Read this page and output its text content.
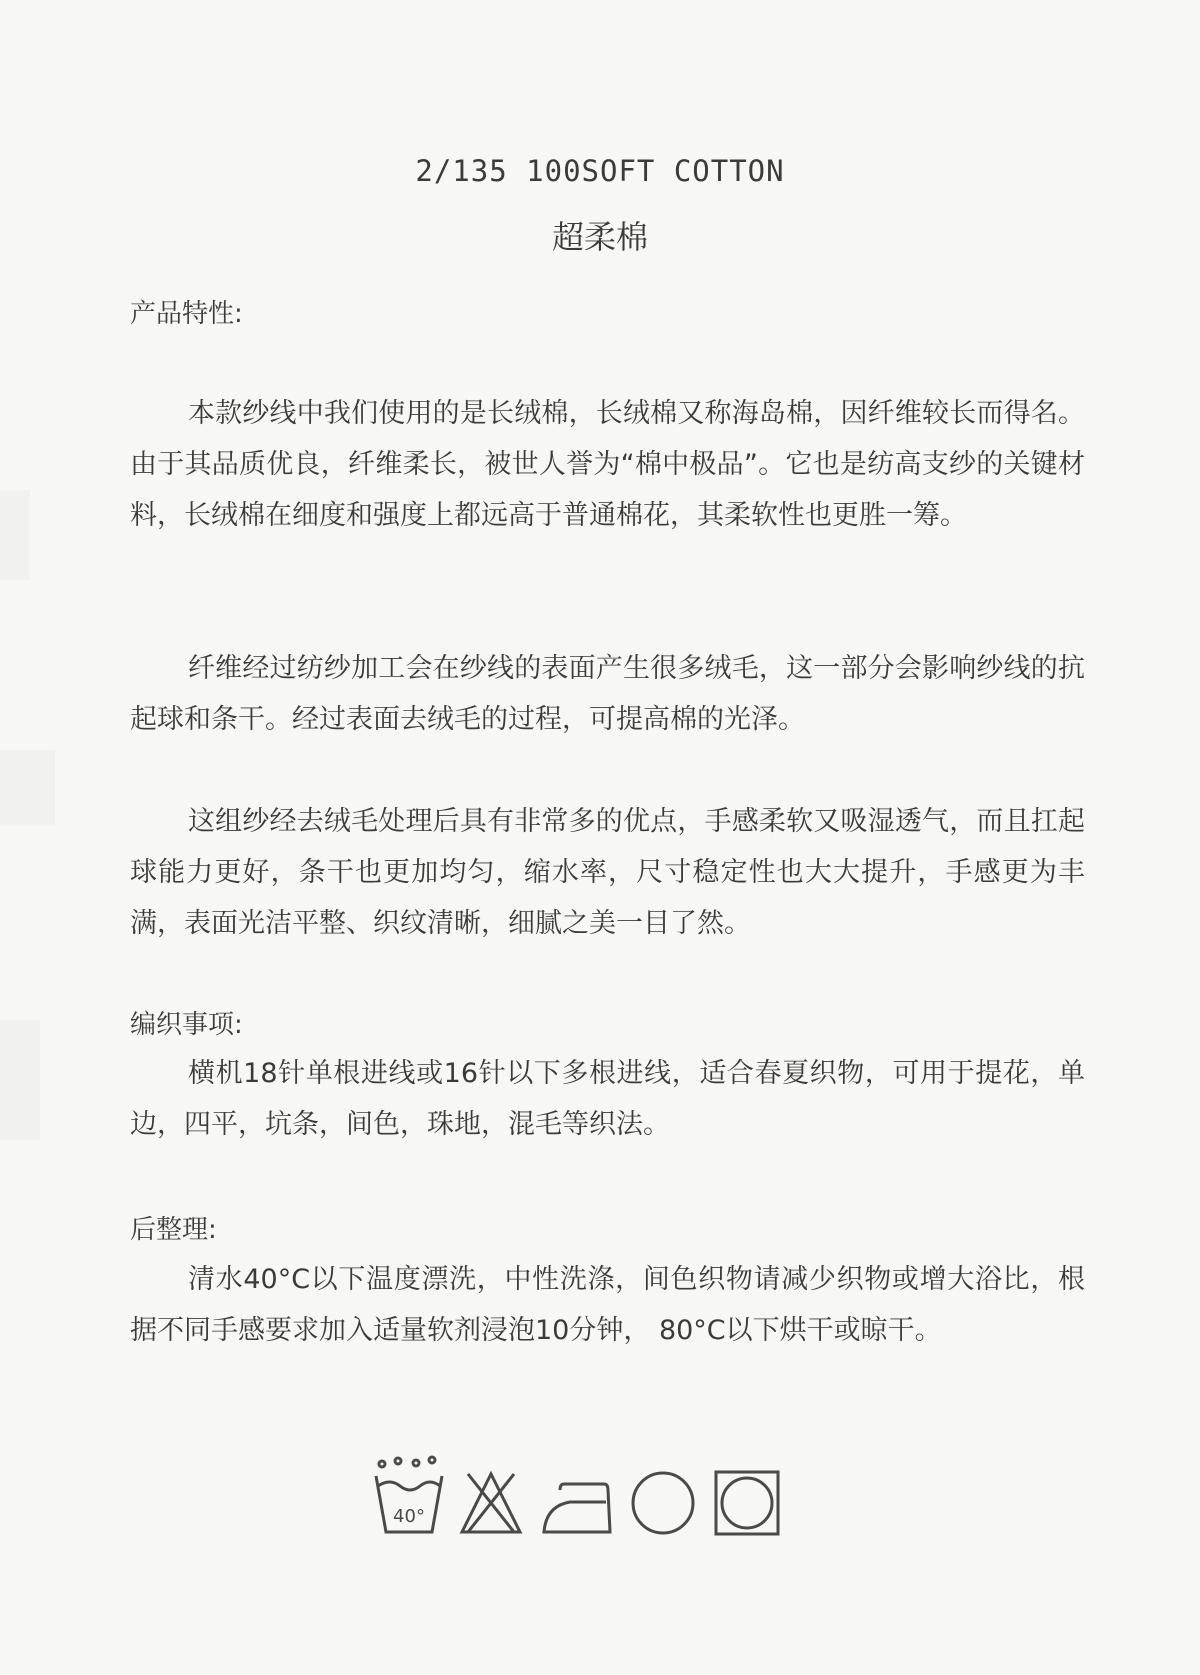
2/135 100SOFT COTTON
超柔棉
产品特性:
本款纱线中我们使用的是长绒棉，长绒棉又称海岛棉，因纤维较长而得名。由于其品质优良，纤维柔长，被世人誉为“棉中极品”。它也是纺高支纱的关键材料，长绒棉在细度和强度上都远高于普通棉花，其柔软性也更胜一筹。
纤维经过纺纱加工会在纱线的表面产生很多绒毛，这一部分会影响纱线的抗起球和条干。经过表面去绒毛的过程，可提高棉的光泽。
这组纱经去绒毛处理后具有非常多的优点，手感柔软又吸湿透气，而且扛起球能力更好，条干也更加均匀，缩水率，尺寸稳定性也大大提升，手感更为丰满，表面光洁平整、织纹清晰，细腻之美一目了然。
编织事项:
横机18针单根进线或16针以下多根进线，适合春夏织物，可用于提花，单边，四平，坑条，间色，珠地，混毛等织法。
后整理:
清水40°C以下温度漂洗，中性洗涤，间色织物请减少织物或增大浴比，根据不同手感要求加入适量软剂浸泡10分钟， 80°C以下烘干或晾干。
40°
